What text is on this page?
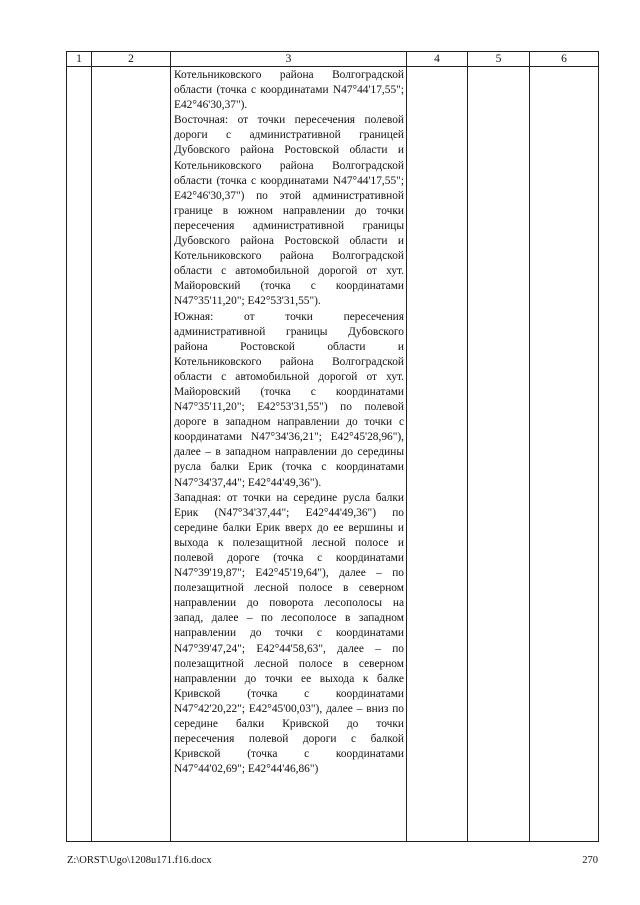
1	2	3	4	5	6

		Котельниковского района Волгоградской области (точка с координатами N47°44'17,55"; E42°46'30,37").

Восточная: от точки пересечения полевой дороги с административной границей Дубовского района Ростовской области и Котельниковского района Волгоградской области (точка с координатами N47°44'17,55"; E42°46'30,37") по этой административной границе в южном направлении до точки пересечения административной границы Дубовского района Ростовской области и Котельниковского района Волгоградской области с автомобильной дорогой от хут. Майоровский (точка с координатами N47°35'11,20"; E42°53'31,55").

Южная: от точки пересечения административной границы Дубовского района Ростовской области и Котельниковского района Волгоградской области с автомобильной дорогой от хут. Майоровский (точка с координатами N47°35'11,20"; E42°53'31,55") по полевой дороге в западном направлении до точки с координатами N47°34'36,21"; E42°45'28,96"), далее – в западном направлении до середины русла балки Ерик (точка с координатами N47°34'37,44"; E42°44'49,36").

Западная: от точки на середине русла балки Ерик (N47°34'37,44"; E42°44'49,36") по середине балки Ерик вверх до ее вершины и выхода к полезащитной лесной полосе и полевой дороге (точка с координатами N47°39'19,87"; E42°45'19,64"), далее – по полезащитной лесной полосе в северном направлении до поворота лесополосы на запад, далее – по лесополосе в западном направлении до точки с координатами N47°39'47,24"; E42°44'58,63", далее – по полезащитной лесной полосе в северном направлении до точки ее выхода к балке Кривской (точка с координатами N47°42'20,22"; E42°45'00,03"), далее – вниз по середине балки Кривской до точки пересечения полевой дороги с балкой Кривской (точка с координатами N47°44'02,69"; E42°44'46,86")			

Z:\ORST\Ugo\1208u171.f16.docx	270
